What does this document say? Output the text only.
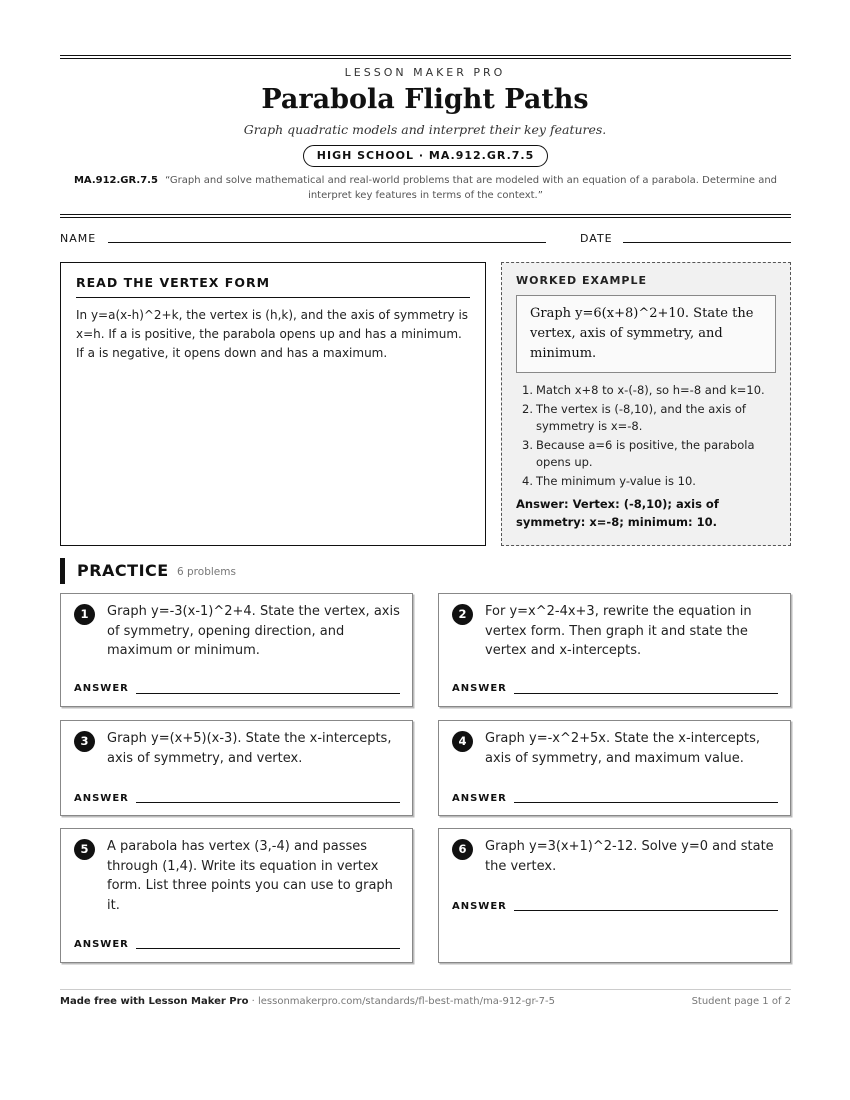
LESSON MAKER PRO
Parabola Flight Paths
Graph quadratic models and interpret their key features.
HIGH SCHOOL · MA.912.GR.7.5
MA.912.GR.7.5 “Graph and solve mathematical and real-world problems that are modeled with an equation of a parabola. Determine and interpret key features in terms of the context.”
NAME	DATE
READ THE VERTEX FORM
In y=a(x-h)^2+k, the vertex is (h,k), and the axis of symmetry is x=h. If a is positive, the parabola opens up and has a minimum. If a is negative, it opens down and has a maximum.
WORKED EXAMPLE
Graph y=6(x+8)^2+10. State the vertex, axis of symmetry, and minimum.
1. Match x+8 to x-(-8), so h=-8 and k=10.
2. The vertex is (-8,10), and the axis of symmetry is x=-8.
3. Because a=6 is positive, the parabola opens up.
4. The minimum y-value is 10.
Answer: Vertex: (-8,10); axis of symmetry: x=-8; minimum: 10.
PRACTICE 6 problems
1	Graph y=-3(x-1)^2+4. State the vertex, axis of symmetry, opening direction, and maximum or minimum.
ANSWER
2	For y=x^2-4x+3, rewrite the equation in vertex form. Then graph it and state the vertex and x-intercepts.
ANSWER
3	Graph y=(x+5)(x-3). State the x-intercepts, axis of symmetry, and vertex.
ANSWER
4	Graph y=-x^2+5x. State the x-intercepts, axis of symmetry, and maximum value.
ANSWER
5	A parabola has vertex (3,-4) and passes through (1,4). Write its equation in vertex form. List three points you can use to graph it.
ANSWER
6	Graph y=3(x+1)^2-12. Solve y=0 and state the vertex.
ANSWER
Made free with Lesson Maker Pro · lessonmakerpro.com/standards/fl-best-math/ma-912-gr-7-5	Student page 1 of 2
